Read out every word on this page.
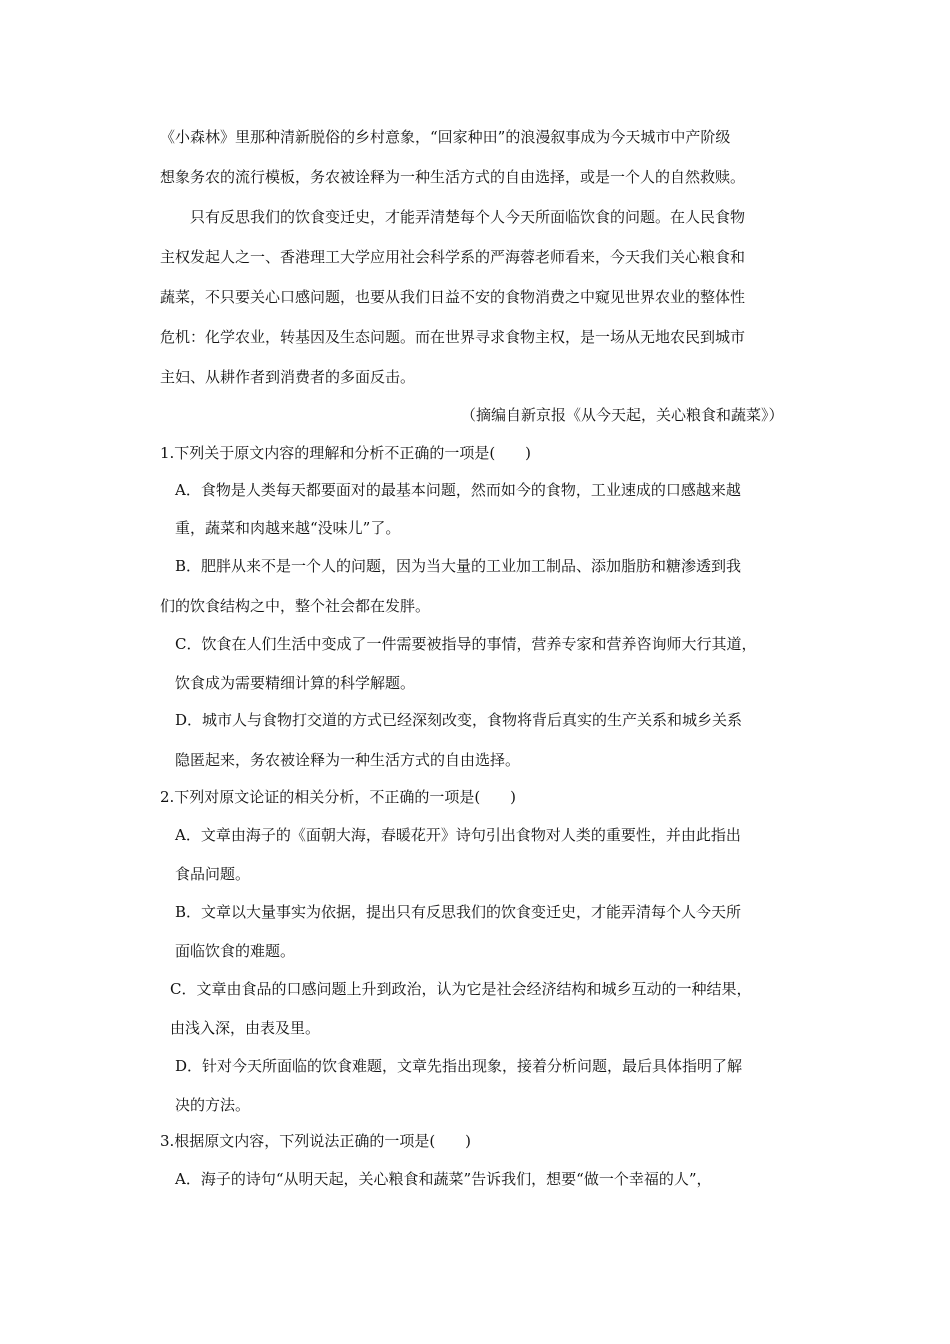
《小森林》里那种清新脱俗的乡村意象，“回家种田”的浪漫叙事成为今天城市中产阶级
想象务农的流行模板，务农被诠释为一种生活方式的自由选择，或是一个人的自然救赎。
只有反思我们的饮食变迁史，才能弄清楚每个人今天所面临饮食的问题。在人民食物
主权发起人之一、香港理工大学应用社会科学系的严海蓉老师看来，今天我们关心粮食和
蔬菜，不只要关心口感问题，也要从我们日益不安的食物消费之中窥见世界农业的整体性
危机：化学农业，转基因及生态问题。而在世界寻求食物主权，是一场从无地农民到城市
主妇、从耕作者到消费者的多面反击。
（摘编自新京报《从今天起，关心粮食和蔬菜》）
1.下列关于原文内容的理解和分析不正确的一项是(　　)
A．食物是人类每天都要面对的最基本问题，然而如今的食物，工业速成的口感越来越
重，蔬菜和肉越来越“没味儿”了。
B．肥胖从来不是一个人的问题，因为当大量的工业加工制品、添加脂肪和糖渗透到我
们的饮食结构之中，整个社会都在发胖。
C．饮食在人们生活中变成了一件需要被指导的事情，营养专家和营养咨询师大行其道，
饮食成为需要精细计算的科学解题。
D．城市人与食物打交道的方式已经深刻改变，食物将背后真实的生产关系和城乡关系
隐匿起来，务农被诠释为一种生活方式的自由选择。
2.下列对原文论证的相关分析，不正确的一项是(　　)
A．文章由海子的《面朝大海，春暖花开》诗句引出食物对人类的重要性，并由此指出
食品问题。
B．文章以大量事实为依据，提出只有反思我们的饮食变迁史，才能弄清每个人今天所
面临饮食的难题。
C．文章由食品的口感问题上升到政治，认为它是社会经济结构和城乡互动的一种结果，
由浅入深，由表及里。
D．针对今天所面临的饮食难题，文章先指出现象，接着分析问题，最后具体指明了解
决的方法。
3.根据原文内容，下列说法正确的一项是(　　)
A．海子的诗句“从明天起，关心粮食和蔬菜”告诉我们，想要“做一个幸福的人”，
